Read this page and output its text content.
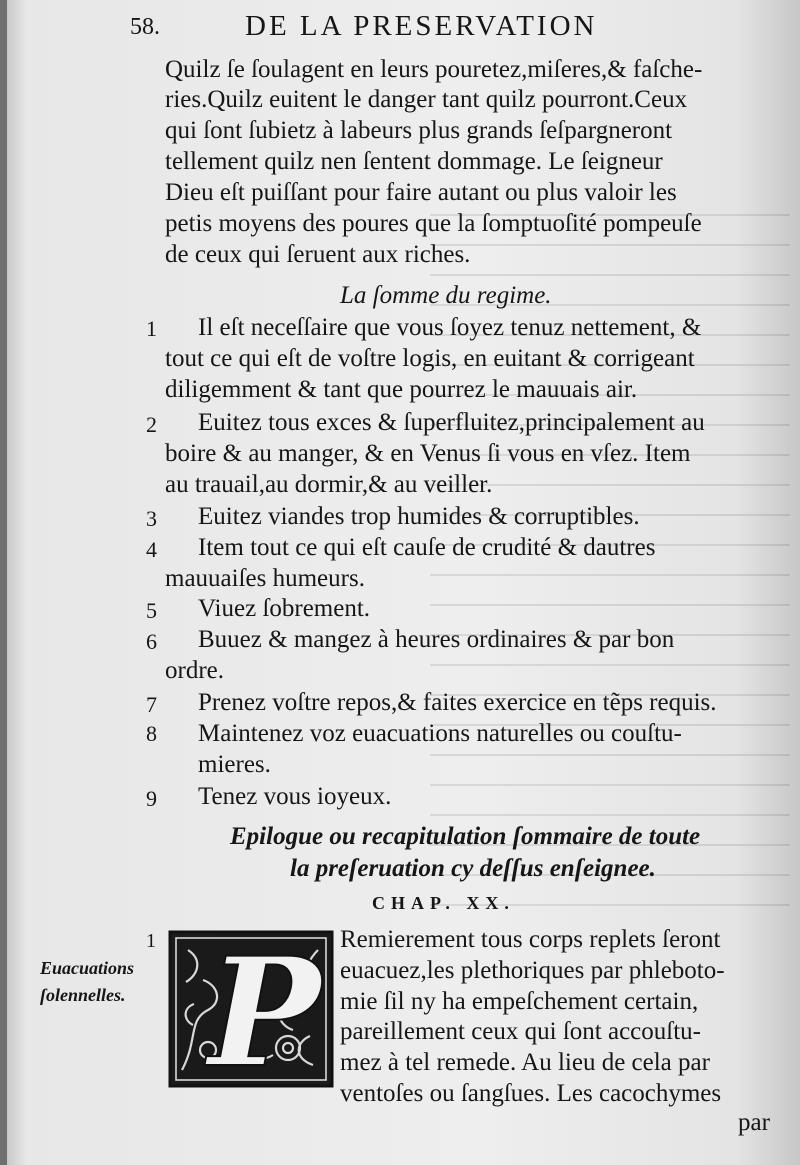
58.	DE LA PRESERVATION
Quilz ſe ſoulagent en leurs pouretez,miſeres,& faſche-
ries.Quilz euitent le danger tant quilz pourront.Ceux
qui ſont ſubietz à labeurs plus grands ſeſpargneront
tellement quilz nen ſentent dommage. Le ſeigneur
Dieu eſt puiſſant pour faire autant ou plus valoir les
petis moyens des poures que la ſomptuoſité pompeuſe
de ceux qui ſeruent aux riches.
La ſomme du regime.
1 Il eſt neceſſaire que vous ſoyez tenuz nettement, &
tout ce qui eſt de voſtre logis, en euitant & corrigeant
diligemment & tant que pourrez le mauuais air.
2 Euitez tous exces & ſuperfluitez,principalement au
boire & au manger, & en Venus ſi vous en vſez. Item
au trauail,au dormir,& au veiller.
3 Euitez viandes trop humides & corruptibles.
4 Item tout ce qui eſt cauſe de crudité & dautres
mauuaiſes humeurs.
5 Viuez ſobrement.
6 Buuez & mangez à heures ordinaires & par bon
ordre.
7 Prenez voſtre repos,& faites exercice en tẽps requis.
8 Maintenez voz euacuations naturelles ou couſtu-
mieres.
9 Tenez vous ioyeux.
Epilogue ou recapitulation ſommaire de toute
la preſeruation cy deſſus enſeignee.
CHAP. XX.
1
Euacuations
ſolennelles. P Remierement tous corps replets ſeront
euacuez,les plethoriques par phleboto-
mie ſil ny ha empeſchement certain,
pareillement ceux qui ſont accouſtu-
mez à tel remede. Au lieu de cela par
ventoſes ou ſangſues. Les cacochymes
par
